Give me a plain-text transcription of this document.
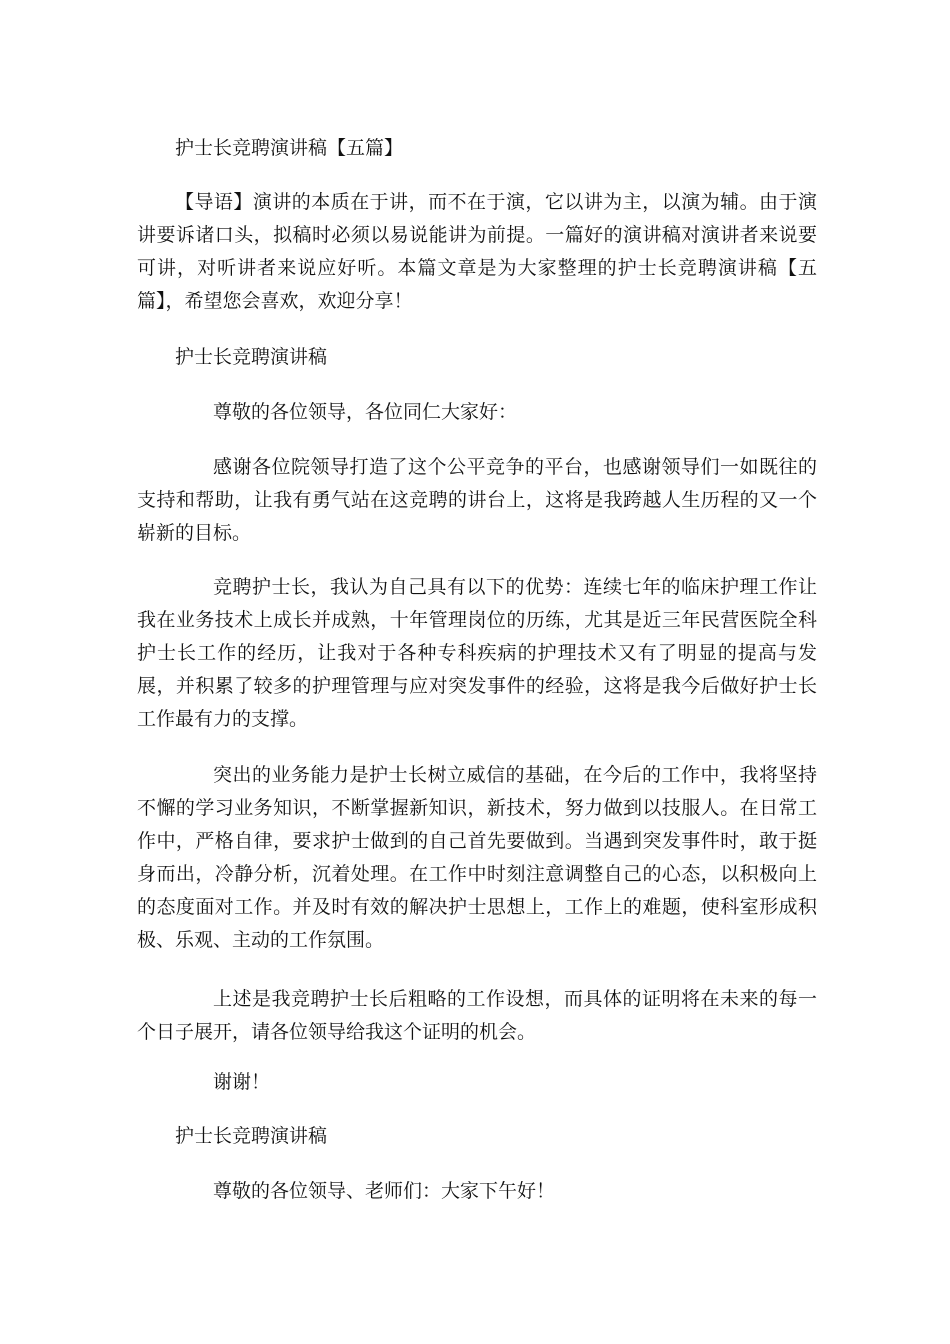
护士长竞聘演讲稿【五篇】

【导语】演讲的本质在于讲，而不在于演，它以讲为主，以演为辅。由于演讲要诉诸口头，拟稿时必须以易说能讲为前提。一篇好的演讲稿对演讲者来说要可讲，对听讲者来说应好听。本篇文章是为大家整理的护士长竞聘演讲稿【五篇】，希望您会喜欢，欢迎分享！

护士长竞聘演讲稿

尊敬的各位领导，各位同仁大家好：

感谢各位院领导打造了这个公平竞争的平台，也感谢领导们一如既往的支持和帮助，让我有勇气站在这竞聘的讲台上，这将是我跨越人生历程的又一个崭新的目标。

竞聘护士长，我认为自己具有以下的优势：连续七年的临床护理工作让我在业务技术上成长并成熟，十年管理岗位的历练，尤其是近三年民营医院全科护士长工作的经历，让我对于各种专科疾病的护理技术又有了明显的提高与发展，并积累了较多的护理管理与应对突发事件的经验，这将是我今后做好护士长工作最有力的支撑。

突出的业务能力是护士长树立威信的基础，在今后的工作中，我将坚持不懈的学习业务知识，不断掌握新知识，新技术，努力做到以技服人。在日常工作中，严格自律，要求护士做到的自己首先要做到。当遇到突发事件时，敢于挺身而出，冷静分析，沉着处理。在工作中时刻注意调整自己的心态，以积极向上的态度面对工作。并及时有效的解决护士思想上，工作上的难题，使科室形成积极、乐观、主动的工作氛围。

上述是我竞聘护士长后粗略的工作设想，而具体的证明将在未来的每一个日子展开，请各位领导给我这个证明的机会。

谢谢！

护士长竞聘演讲稿

尊敬的各位领导、老师们：大家下午好！
